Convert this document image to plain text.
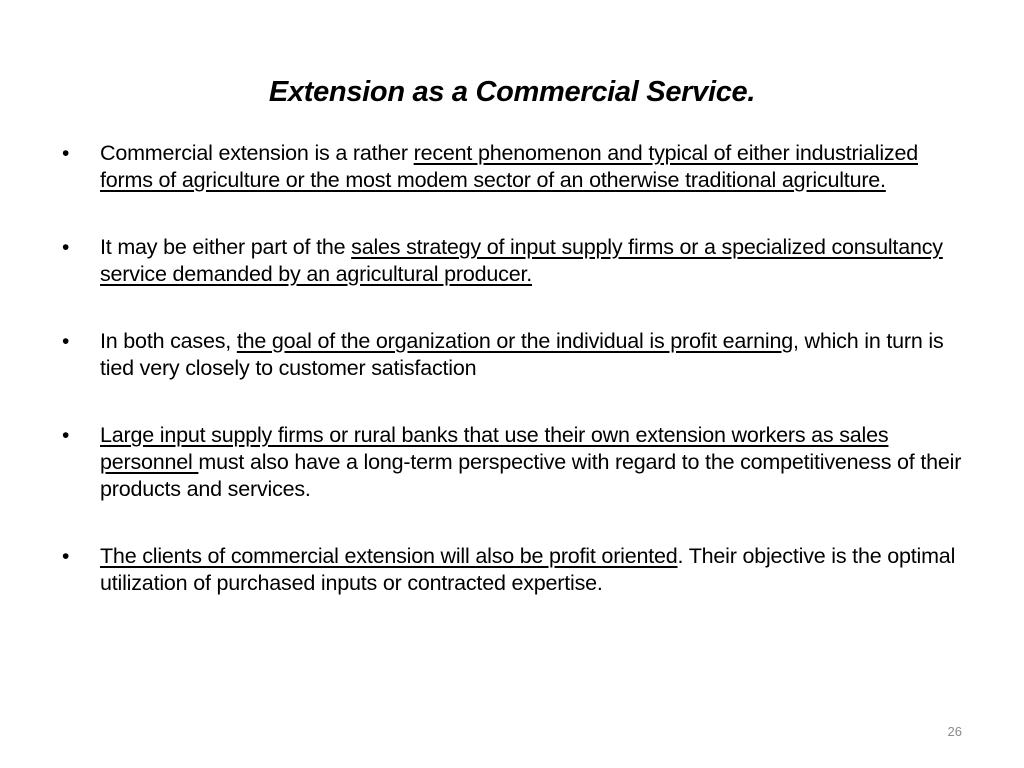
Extension as a Commercial Service.
• Commercial extension is a rather recent phenomenon and typical of either industrialized forms of agriculture or the most modem sector of an otherwise traditional agriculture.
• It may be either part of the sales strategy of input supply firms or a specialized consultancy service demanded by an agricultural producer.
• In both cases, the goal of the organization or the individual is profit earning, which in turn is tied very closely to customer satisfaction
• Large input supply firms or rural banks that use their own extension workers as sales personnel must also have a long-term perspective with regard to the competitiveness of their products and services.
• The clients of commercial extension will also be profit oriented. Their objective is the optimal utilization of purchased inputs or contracted expertise.
26
